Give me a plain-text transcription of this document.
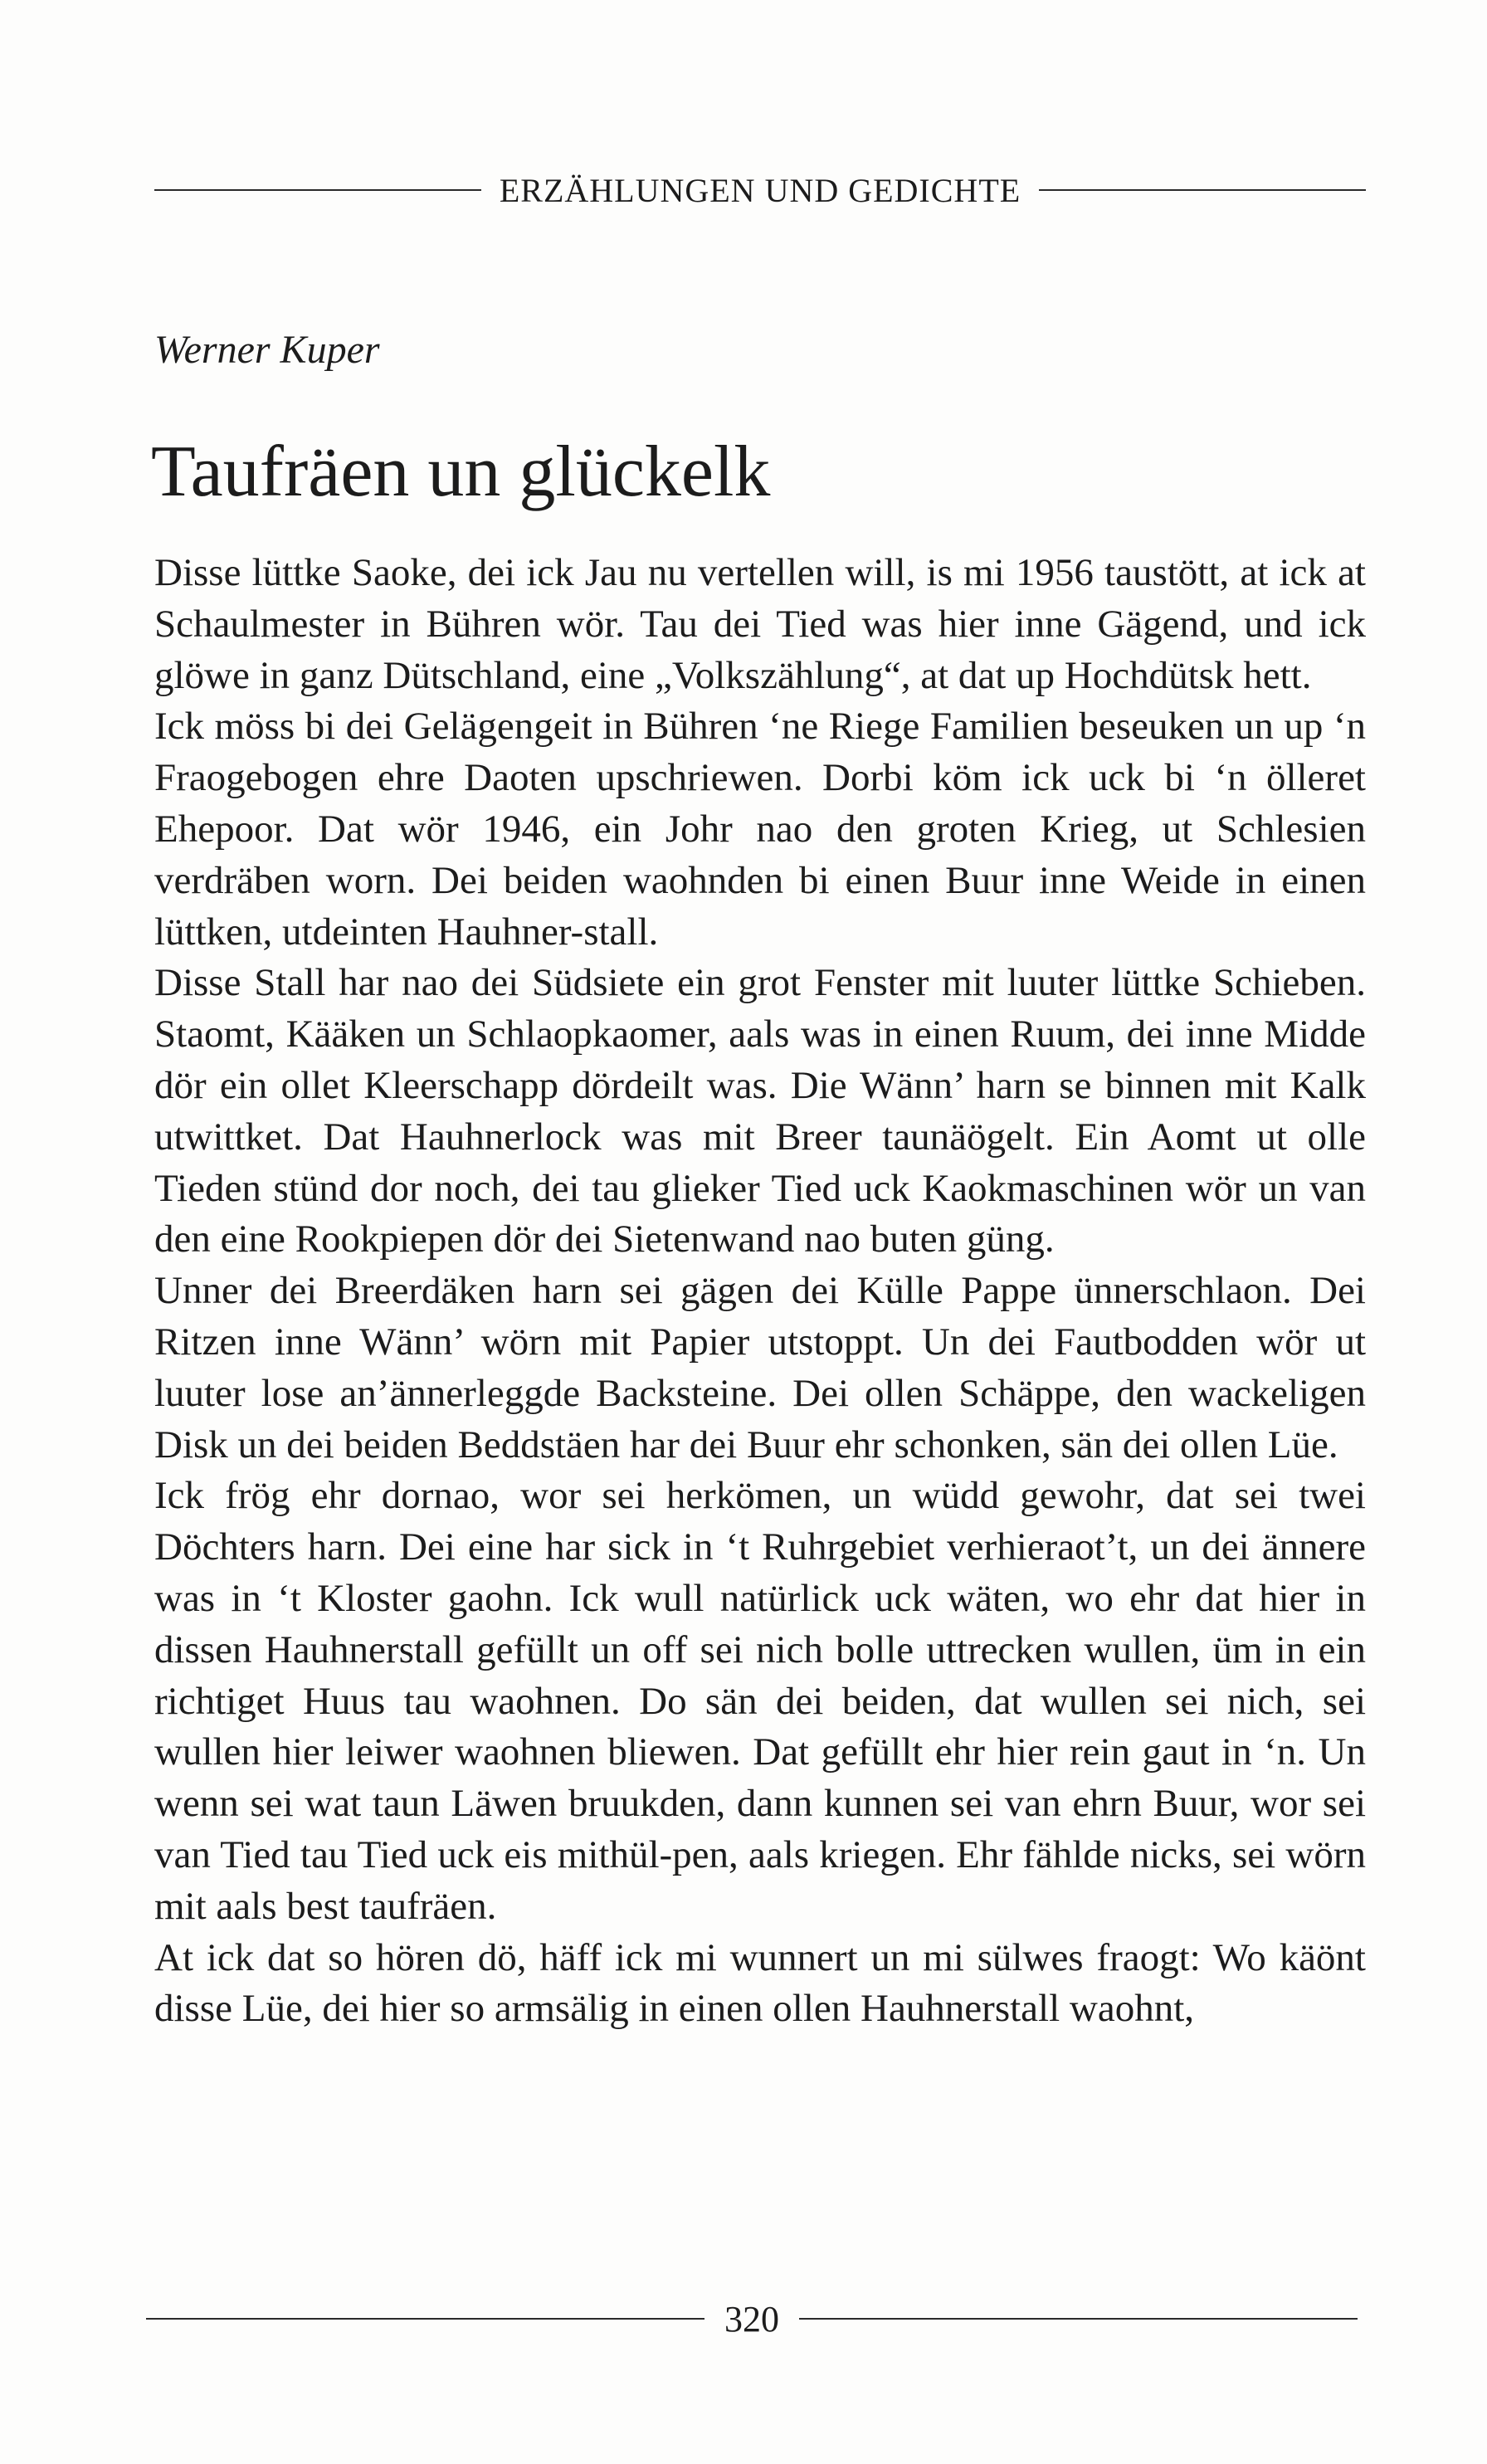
ERZÄHLUNGEN UND GEDICHTE
Werner Kuper
Taufräen un glückelk

Disse lüttke Saoke, dei ick Jau nu vertellen will, is mi 1956 taustött, at ick at Schaulmester in Bühren wör. Tau dei Tied was hier inne Gägend, und ick glöwe in ganz Dütschland, eine „Volkszählung“, at dat up Hochdütsk hett.

Ick möss bi dei Gelägengeit in Bühren ‘ne Riege Familien beseuken un up ‘n Fraogebogen ehre Daoten upschriewen. Dorbi köm ick uck bi ‘n ölleret Ehepoor. Dat wör 1946, ein Johr nao den groten Krieg, ut Schlesien verdräben worn. Dei beiden waohnden bi einen Buur inne Weide in einen lüttken, utdeinten Hauhner-stall.

Disse Stall har nao dei Südsiete ein grot Fenster mit luuter lüttke Schieben. Staomt, Kääken un Schlaopkaomer, aals was in einen Ruum, dei inne Midde dör ein ollet Kleerschapp dördeilt was. Die Wänn’ harn se binnen mit Kalk utwittket. Dat Hauhnerlock was mit Breer taunäögelt. Ein Aomt ut olle Tieden stünd dor noch, dei tau glieker Tied uck Kaokmaschinen wör un van den eine Rookpiepen dör dei Sietenwand nao buten güng.

Unner dei Breerdäken harn sei gägen dei Külle Pappe ünnerschlaon. Dei Ritzen inne Wänn’ wörn mit Papier utstoppt. Un dei Fautbodden wör ut luuter lose an’ännerleggde Backsteine. Dei ollen Schäppe, den wackeligen Disk un dei beiden Beddstäen har dei Buur ehr schonken, sän dei ollen Lüe.

Ick frög ehr dornao, wor sei herkömen, un wüdd gewohr, dat sei twei Döchters harn. Dei eine har sick in ‘t Ruhrgebiet verhieraot’t, un dei ännere was in ‘t Kloster gaohn. Ick wull natürlick uck wäten, wo ehr dat hier in dissen Hauhnerstall gefüllt un off sei nich bolle uttrecken wullen, üm in ein richtiget Huus tau waohnen. Do sän dei beiden, dat wullen sei nich, sei wullen hier leiwer waohnen bliewen. Dat gefüllt ehr hier rein gaut in ‘n. Un wenn sei wat taun Läwen bruukden, dann kunnen sei van ehrn Buur, wor sei van Tied tau Tied uck eis mithül-pen, aals kriegen. Ehr fählde nicks, sei wörn mit aals best taufräen.

At ick dat so hören dö, häff ick mi wunnert un mi sülwes fraogt: Wo käönt disse Lüe, dei hier so armsälig in einen ollen Hauhnerstall waohnt,

320
